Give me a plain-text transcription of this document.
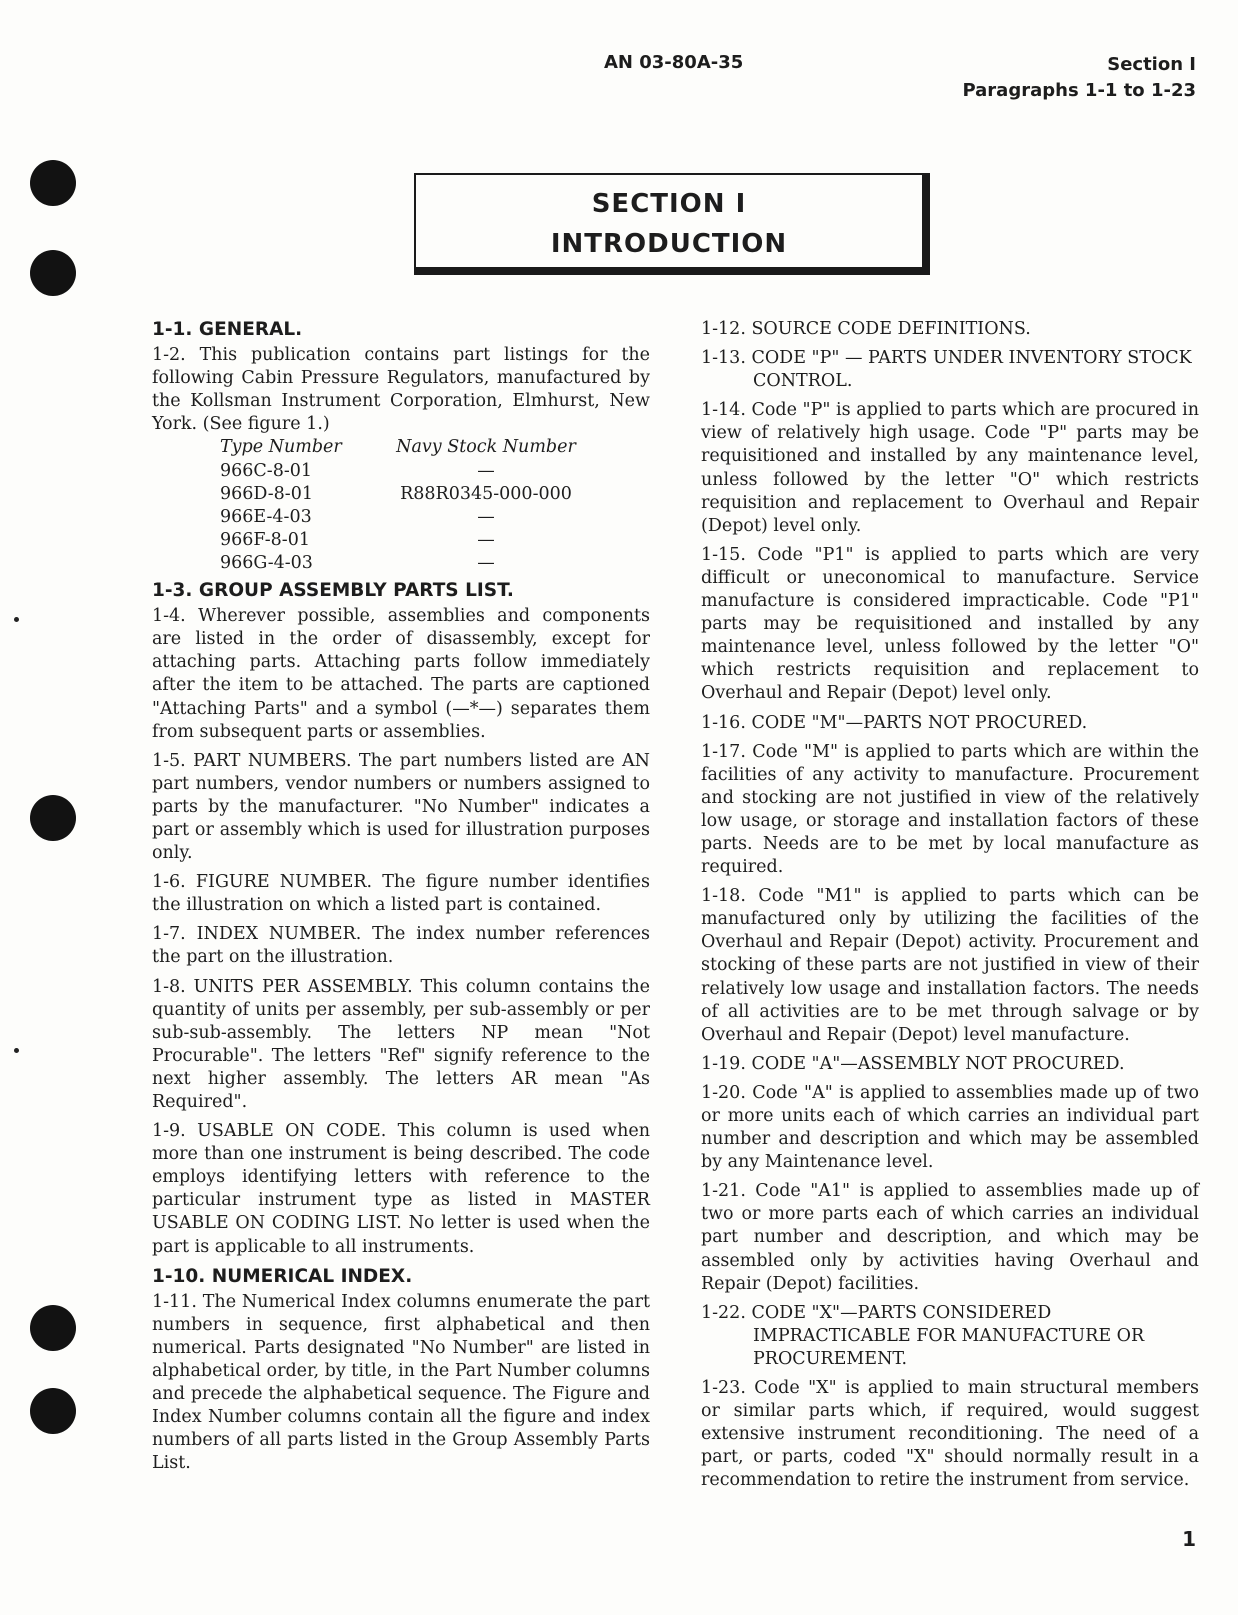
AN 03-80A-35	Section I
Paragraphs 1-1 to 1-23
SECTION I
INTRODUCTION
1-1. GENERAL.

1-2. This publication contains part listings for the following Cabin Pressure Regulators, manufactured by the Kollsman Instrument Corporation, Elmhurst, New York. (See figure 1.)

Type Number	Navy Stock Number
966C-8-01	—
966D-8-01	R88R0345-000-000
966E-4-03	—
966F-8-01	—
966G-4-03	—
1-3. GROUP ASSEMBLY PARTS LIST.

1-4. Wherever possible, assemblies and components are listed in the order of disassembly, except for attaching parts. Attaching parts follow immediately after the item to be attached. The parts are captioned "Attaching Parts" and a symbol (—*—) separates them from subsequent parts or assemblies.

1-5. PART NUMBERS. The part numbers listed are AN part numbers, vendor numbers or numbers assigned to parts by the manufacturer. "No Number" indicates a part or assembly which is used for illustration purposes only.

1-6. FIGURE NUMBER. The figure number identifies the illustration on which a listed part is contained.

1-7. INDEX NUMBER. The index number references the part on the illustration.

1-8. UNITS PER ASSEMBLY. This column contains the quantity of units per assembly, per sub-assembly or per sub-sub-assembly. The letters NP mean "Not Procurable". The letters "Ref" signify reference to the next higher assembly. The letters AR mean "As Required".

1-9. USABLE ON CODE. This column is used when more than one instrument is being described. The code employs identifying letters with reference to the particular instrument type as listed in MASTER USABLE ON CODING LIST. No letter is used when the part is applicable to all instruments.

1-10. NUMERICAL INDEX.

1-11. The Numerical Index columns enumerate the part numbers in sequence, first alphabetical and then numerical. Parts designated "No Number" are listed in alphabetical order, by title, in the Part Number columns and precede the alphabetical sequence. The Figure and Index Number columns contain all the figure and index numbers of all parts listed in the Group Assembly Parts List.

1-12. SOURCE CODE DEFINITIONS.

1-13. CODE "P" — PARTS UNDER INVENTORY STOCK CONTROL.

1-14. Code "P" is applied to parts which are procured in view of relatively high usage. Code "P" parts may be requisitioned and installed by any maintenance level, unless followed by the letter "O" which restricts requisition and replacement to Overhaul and Repair (Depot) level only.

1-15. Code "P1" is applied to parts which are very difficult or uneconomical to manufacture. Service manufacture is considered impracticable. Code "P1" parts may be requisitioned and installed by any maintenance level, unless followed by the letter "O" which restricts requisition and replacement to Overhaul and Repair (Depot) level only.

1-16. CODE "M"—PARTS NOT PROCURED.

1-17. Code "M" is applied to parts which are within the facilities of any activity to manufacture. Procurement and stocking are not justified in view of the relatively low usage, or storage and installation factors of these parts. Needs are to be met by local manufacture as required.

1-18. Code "M1" is applied to parts which can be manufactured only by utilizing the facilities of the Overhaul and Repair (Depot) activity. Procurement and stocking of these parts are not justified in view of their relatively low usage and installation factors. The needs of all activities are to be met through salvage or by Overhaul and Repair (Depot) level manufacture.

1-19. CODE "A"—ASSEMBLY NOT PROCURED.

1-20. Code "A" is applied to assemblies made up of two or more units each of which carries an individual part number and description and which may be assembled by any Maintenance level.

1-21. Code "A1" is applied to assemblies made up of two or more parts each of which carries an individual part number and description, and which may be assembled only by activities having Overhaul and Repair (Depot) facilities.

1-22. CODE "X"—PARTS CONSIDERED IMPRACTICABLE FOR MANUFACTURE OR PROCUREMENT.

1-23. Code "X" is applied to main structural members or similar parts which, if required, would suggest extensive instrument reconditioning. The need of a part, or parts, coded "X" should normally result in a recommendation to retire the instrument from service.

1
